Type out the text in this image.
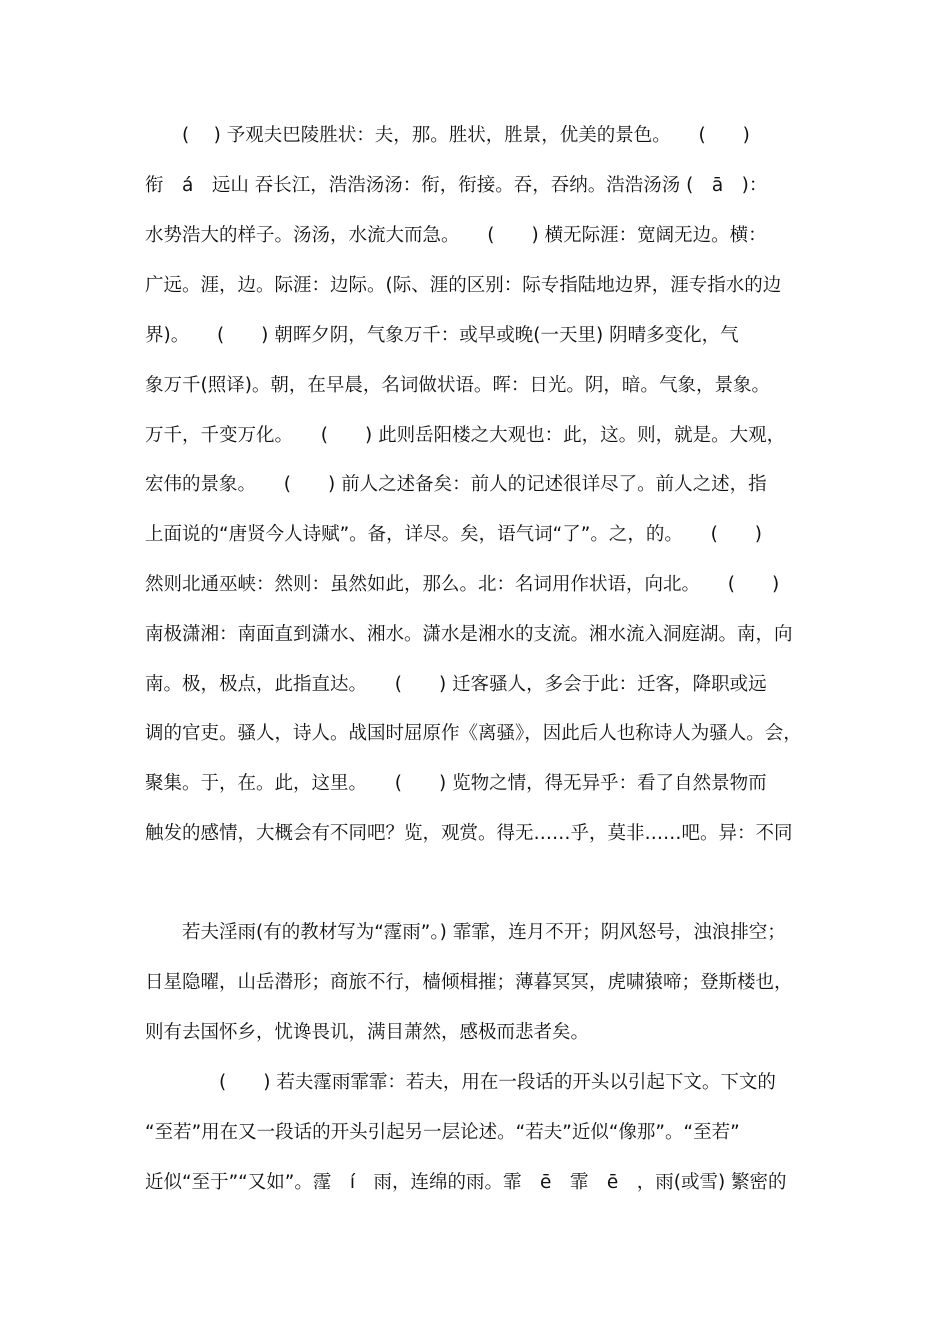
　　(　 ) 予观夫巴陵胜状：夫，那。胜状，胜景，优美的景色。　　(　　)
衔　á　远山 吞长江，浩浩汤汤：衔，衔接。吞，吞纳。浩浩汤汤 (　ā　)：
水势浩大的样子。汤汤，水流大而急。　　(　　) 横无际涯：宽阔无边。横：
广远。涯，边。际涯：边际。(际、涯的区别：际专指陆地边界，涯专指水的边
界)。　　(　　) 朝晖夕阴，气象万千：或早或晚(一天里) 阴晴多变化，气
象万千(照译)。朝，在早晨，名词做状语。晖：日光。阴，暗。气象，景象。
万千，千变万化。　　(　　) 此则岳阳楼之大观也：此，这。则，就是。大观，
宏伟的景象。　　(　　) 前人之述备矣：前人的记述很详尽了。前人之述，指
上面说的“唐贤今人诗赋”。备，详尽。矣，语气词“了”。之，的。　　(　　)
然则北通巫峡：然则：虽然如此，那么。北：名词用作状语，向北。　　(　　)
南极潇湘：南面直到潇水、湘水。潇水是湘水的支流。湘水流入洞庭湖。南，向
南。极，极点，此指直达。　　(　　) 迁客骚人，多会于此：迁客，降职或远
调的官吏。骚人，诗人。战国时屈原作《离骚》，因此后人也称诗人为骚人。会，
聚集。于，在。此，这里。　　(　　) 览物之情，得无异乎：看了自然景物而
触发的感情，大概会有不同吧？览，观赏。得无……乎，莫非……吧。异：不同
　　若夫淫雨(有的教材写为“霪雨”。) 霏霏，连月不开；阴风怒号，浊浪排空；
日星隐曜，山岳潜形；商旅不行，樯倾楫摧；薄暮冥冥，虎啸猿啼；登斯楼也，
则有去国怀乡，忧谗畏讥，满目萧然，感极而悲者矣。
　　　　(　　) 若夫霪雨霏霏：若夫，用在一段话的开头以引起下文。下文的
“至若”用在又一段话的开头引起另一层论述。“若夫”近似“像那”。“至若”
近似“至于”“又如”。霪　í　雨，连绵的雨。霏　ē　霏　ē　，雨(或雪) 繁密的
